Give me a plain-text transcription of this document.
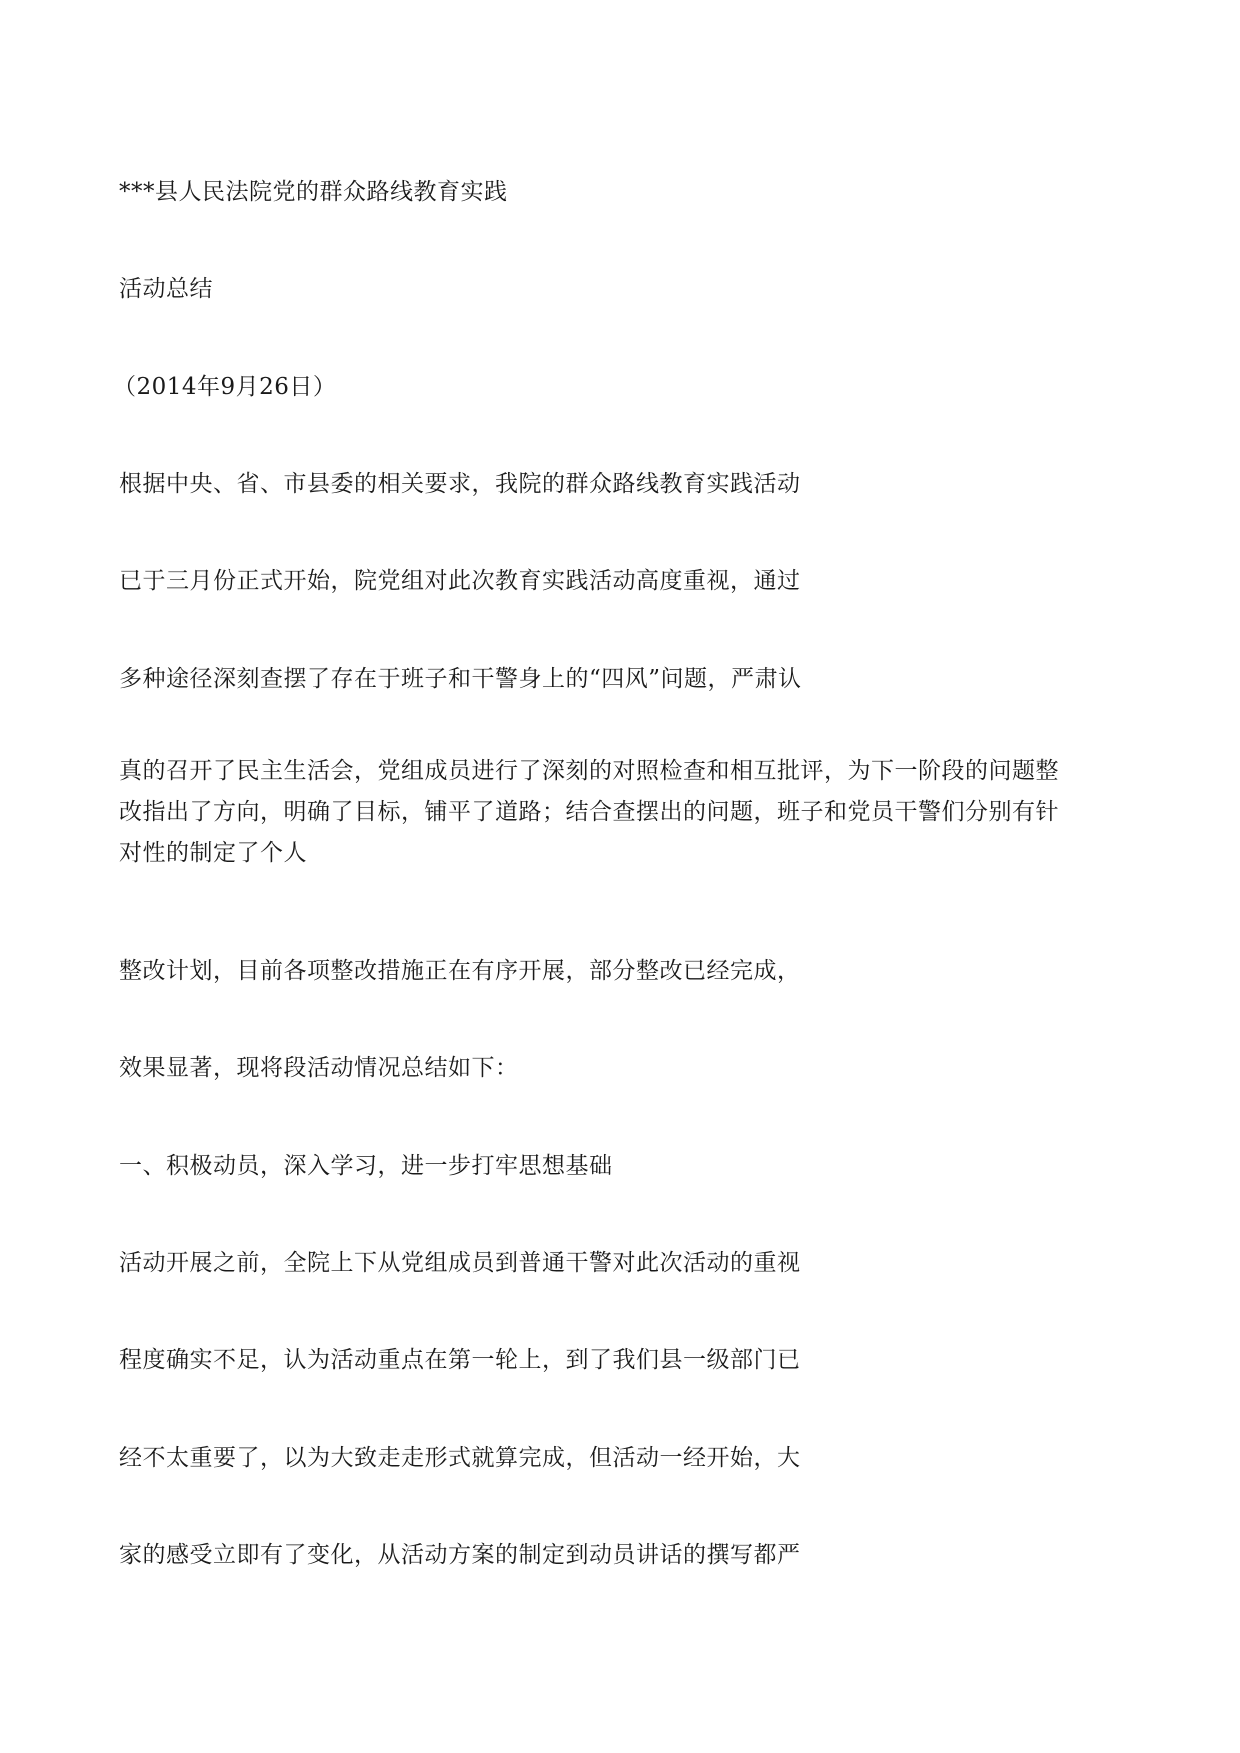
***县人民法院党的群众路线教育实践
活动总结
（2014年9月26日）
根据中央、省、市县委的相关要求，我院的群众路线教育实践活动
已于三月份正式开始，院党组对此次教育实践活动高度重视，通过
多种途径深刻查摆了存在于班子和干警身上的“四风”问题，严肃认
真的召开了民主生活会，党组成员进行了深刻的对照检查和相互批评，为下一阶段的问题整
改指出了方向，明确了目标，铺平了道路；结合查摆出的问题，班子和党员干警们分别有针
对性的制定了个人
整改计划，目前各项整改措施正在有序开展，部分整改已经完成，
效果显著，现将段活动情况总结如下：
一、积极动员，深入学习，进一步打牢思想基础
活动开展之前，全院上下从党组成员到普通干警对此次活动的重视
程度确实不足，认为活动重点在第一轮上，到了我们县一级部门已
经不太重要了，以为大致走走形式就算完成，但活动一经开始，大
家的感受立即有了变化，从活动方案的制定到动员讲话的撰写都严
